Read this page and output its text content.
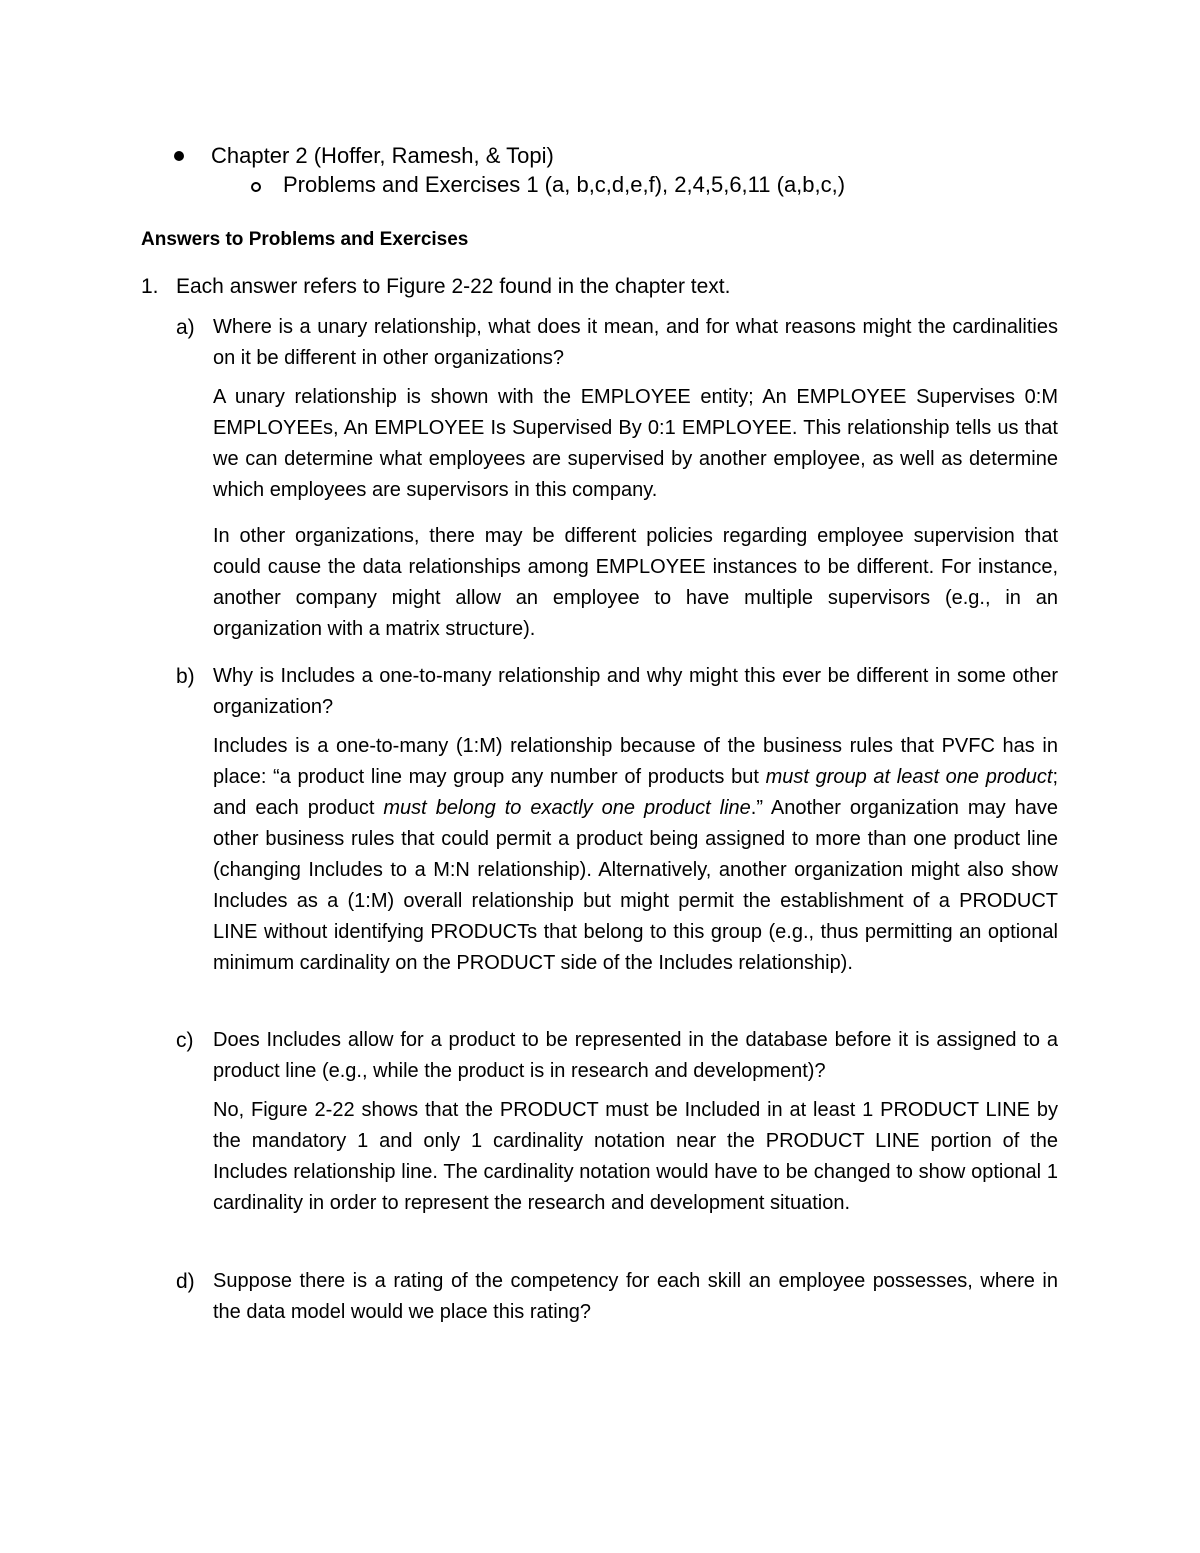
Chapter 2 (Hoffer, Ramesh, & Topi)
Problems and Exercises 1 (a, b,c,d,e,f), 2,4,5,6,11 (a,b,c,)
Answers to Problems and Exercises
1. Each answer refers to Figure 2-22 found in the chapter text.
a) Where is a unary relationship, what does it mean, and for what reasons might the cardinalities on it be different in other organizations?

A unary relationship is shown with the EMPLOYEE entity; An EMPLOYEE Supervises 0:M EMPLOYEEs, An EMPLOYEE Is Supervised By 0:1 EMPLOYEE. This relationship tells us that we can determine what employees are supervised by another employee, as well as determine which employees are supervisors in this company.

In other organizations, there may be different policies regarding employee supervision that could cause the data relationships among EMPLOYEE instances to be different. For instance, another company might allow an employee to have multiple supervisors (e.g., in an organization with a matrix structure).

b) Why is Includes a one-to-many relationship and why might this ever be different in some other organization?

Includes is a one-to-many (1:M) relationship because of the business rules that PVFC has in place: “a product line may group any number of products but must group at least one product; and each product must belong to exactly one product line.” Another organization may have other business rules that could permit a product being assigned to more than one product line (changing Includes to a M:N relationship). Alternatively, another organization might also show Includes as a (1:M) overall relationship but might permit the establishment of a PRODUCT LINE without identifying PRODUCTs that belong to this group (e.g., thus permitting an optional minimum cardinality on the PRODUCT side of the Includes relationship).

c) Does Includes allow for a product to be represented in the database before it is assigned to a product line (e.g., while the product is in research and development)?

No, Figure 2-22 shows that the PRODUCT must be Included in at least 1 PRODUCT LINE by the mandatory 1 and only 1 cardinality notation near the PRODUCT LINE portion of the Includes relationship line. The cardinality notation would have to be changed to show optional 1 cardinality in order to represent the research and development situation.

d) Suppose there is a rating of the competency for each skill an employee possesses, where in the data model would we place this rating?
